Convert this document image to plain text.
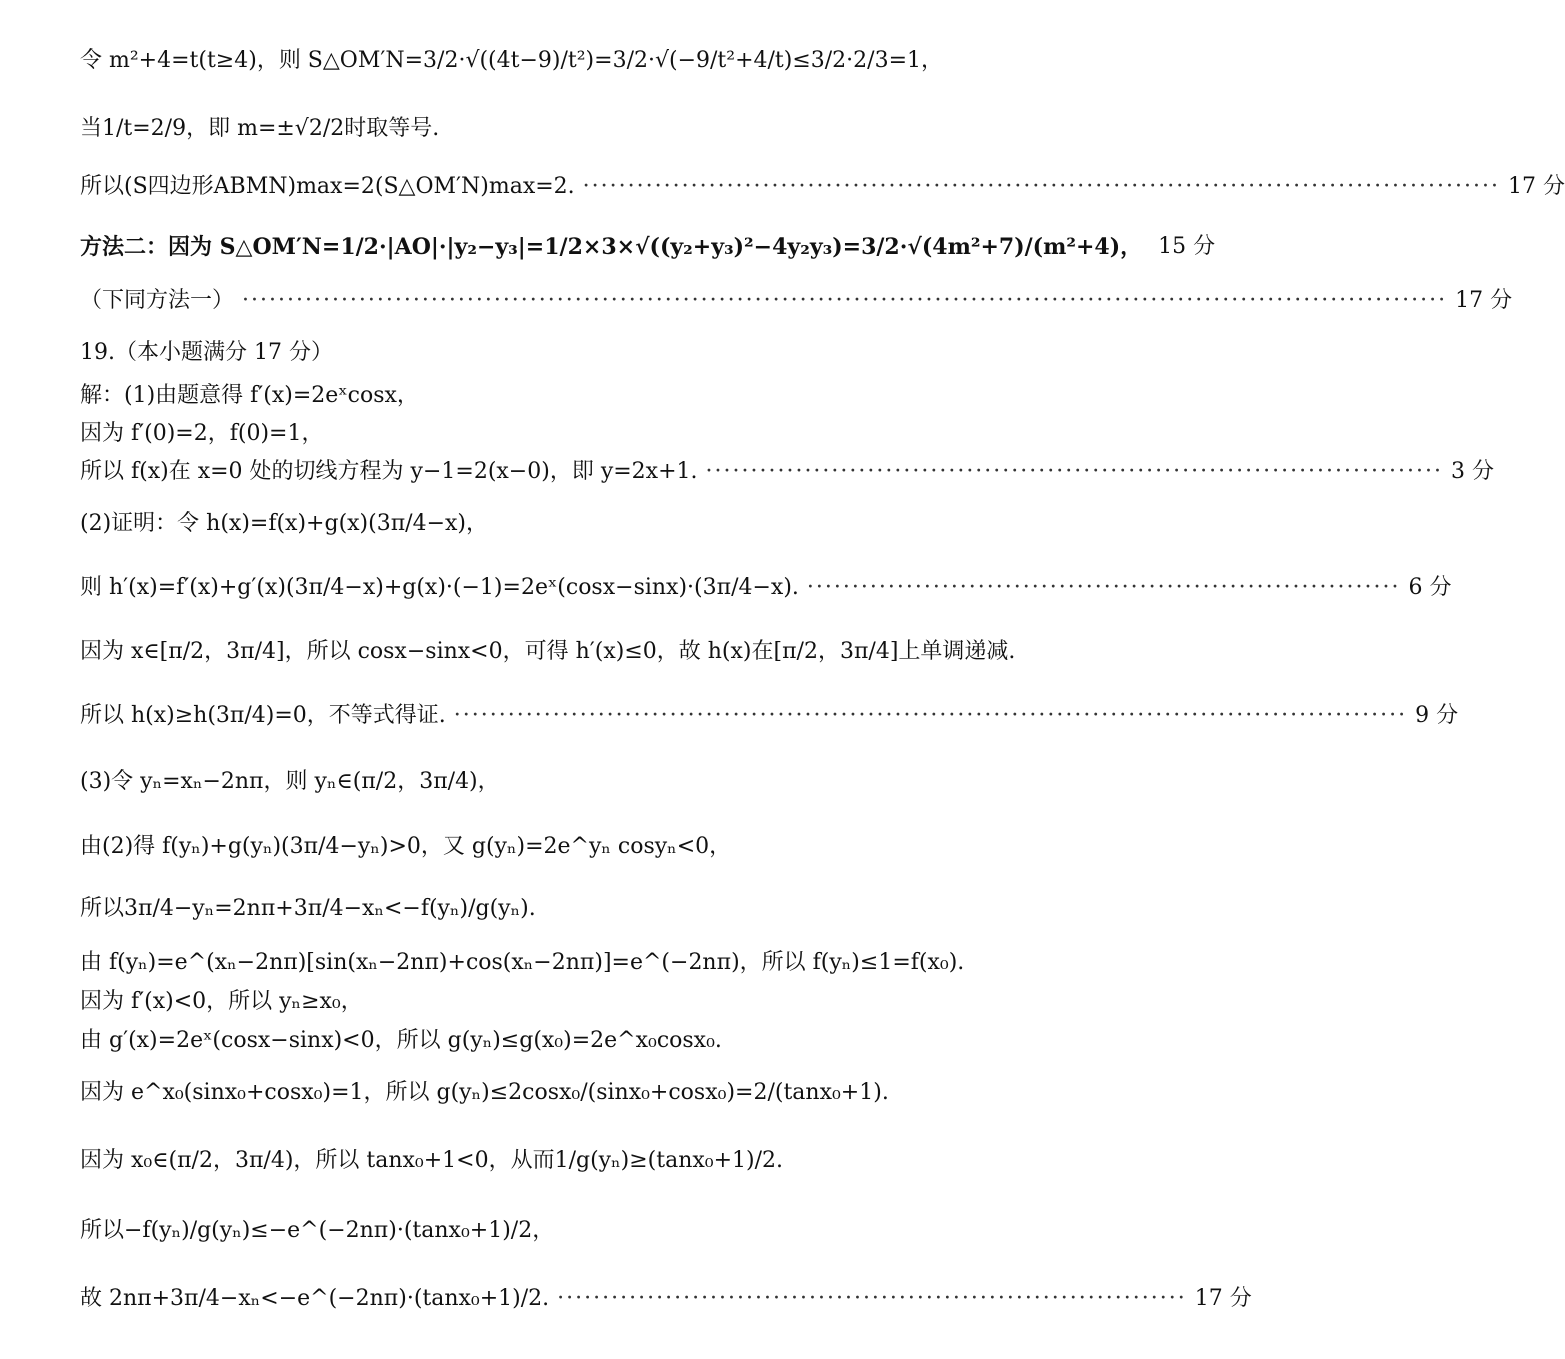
令 m²+4=t(t≥4)，则 S△OM′N=3/2·√((4t−9)/t²)=3/2·√(−9/t²+4/t)≤3/2·2/3=1，
当1/t=2/9，即 m=±√2/2时取等号.
所以(S四边形ABMN)max=2(S△OM′N)max=2. ······································································································ 17 分
方法二：因为 S△OM′N=1/2·|AO|·|y₂−y₃|=1/2×3×√((y₂+y₃)²−4y₂y₃)=3/2·√(4m²+7)/(m²+4)， 15 分
（下同方法一） ······································································································································ 17 分
19.（本小题满分 17 分）
解：(1)由题意得 f′(x)=2eˣcosx，
因为 f′(0)=2，f(0)=1，
所以 f(x)在 x=0 处的切线方程为 y−1=2(x−0)，即 y=2x+1. ·················································································· 3 分
(2)证明：令 h(x)=f(x)+g(x)(3π/4−x)，
则 h′(x)=f′(x)+g′(x)(3π/4−x)+g(x)·(−1)=2eˣ(cosx−sinx)·(3π/4−x). ·································································· 6 分
因为 x∈[π/2，3π/4]，所以 cosx−sinx<0，可得 h′(x)≤0，故 h(x)在[π/2，3π/4]上单调递减.
所以 h(x)≥h(3π/4)=0，不等式得证. ·········································································································· 9 分
(3)令 yₙ=xₙ−2nπ，则 yₙ∈(π/2，3π/4)，
由(2)得 f(yₙ)+g(yₙ)(3π/4−yₙ)>0，又 g(yₙ)=2e^yₙ cosyₙ<0，
所以3π/4−yₙ=2nπ+3π/4−xₙ<−f(yₙ)/g(yₙ).
由 f(yₙ)=e^(xₙ−2nπ)[sin(xₙ−2nπ)+cos(xₙ−2nπ)]=e^(−2nπ)，所以 f(yₙ)≤1=f(x₀).
因为 f′(x)<0，所以 yₙ≥x₀，
由 g′(x)=2eˣ(cosx−sinx)<0，所以 g(yₙ)≤g(x₀)=2e^x₀cosx₀.
因为 e^x₀(sinx₀+cosx₀)=1，所以 g(yₙ)≤2cosx₀/(sinx₀+cosx₀)=2/(tanx₀+1).
因为 x₀∈(π/2，3π/4)，所以 tanx₀+1<0，从而1/g(yₙ)≥(tanx₀+1)/2.
所以−f(yₙ)/g(yₙ)≤−e^(−2nπ)·(tanx₀+1)/2，
故 2nπ+3π/4−xₙ<−e^(−2nπ)·(tanx₀+1)/2. ······································································ 17 分
